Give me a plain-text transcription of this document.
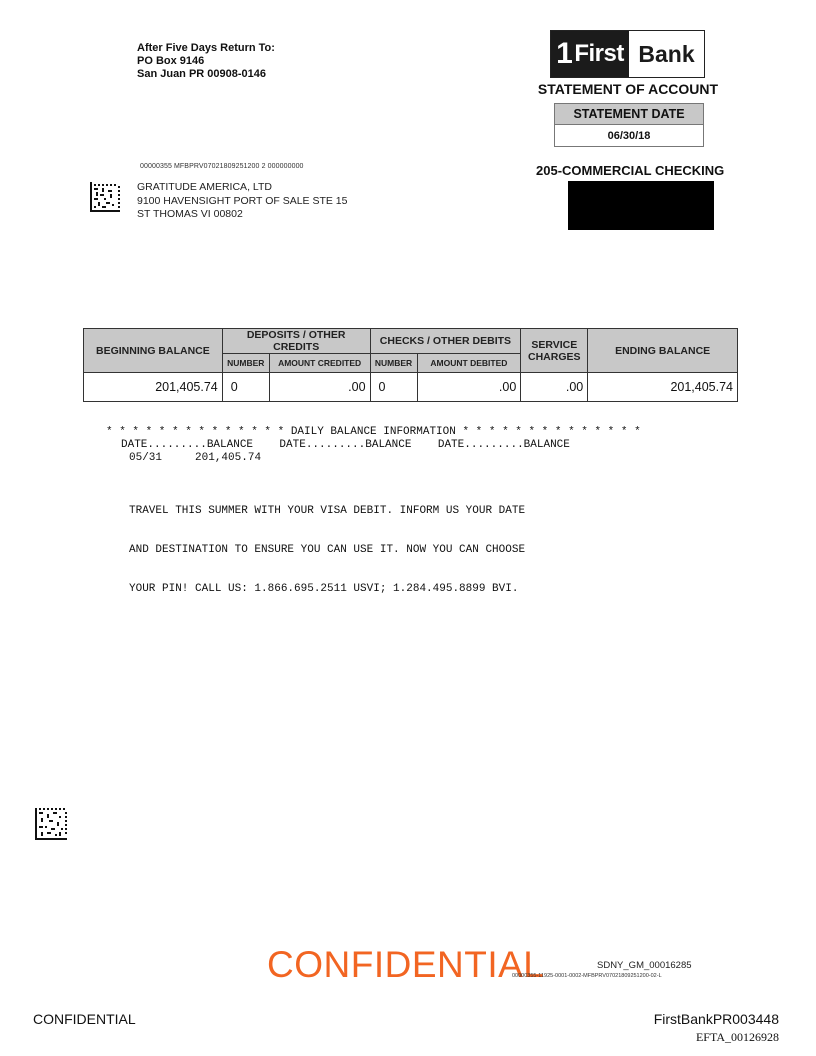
After Five Days Return To:
PO Box 9146
San Juan PR 00908-0146
1 First Bank
STATEMENT OF ACCOUNT
STATEMENT DATE
06/30/18
205-COMMERCIAL CHECKING
00000355 MFBPRV07021809251200 2 000000000
GRATITUDE AMERICA, LTD
9100 HAVENSIGHT PORT OF SALE STE 15
ST THOMAS VI 00802
BEGINNING BALANCE	DEPOSITS / OTHER CREDITS		CHECKS / OTHER DEBITS		SERVICE CHARGES	ENDING BALANCE
	NUMBER	AMOUNT CREDITED	NUMBER	AMOUNT DEBITED		
201,405.74	0	.00	0	.00	.00	201,405.74
* * * * * * * * * * * * * * DAILY BALANCE INFORMATION * * * * * * * * * * * * * *
DATE.........BALANCE    DATE.........BALANCE    DATE.........BALANCE
05/31	201,405.74

TRAVEL THIS SUMMER WITH YOUR VISA DEBIT. INFORM US YOUR DATE

AND DESTINATION TO ENSURE YOU CAN USE IT. NOW YOU CAN CHOOSE

YOUR PIN! CALL US: 1.866.695.2511 USVI; 1.284.495.8899 BVI.

CONFIDENTIAL	SDNY_GM_00016285
00000355-11925-0001-0002-MFBPRV07021809251200-02-L
CONFIDENTIAL	FirstBankPR003448
EFTA_00126928
